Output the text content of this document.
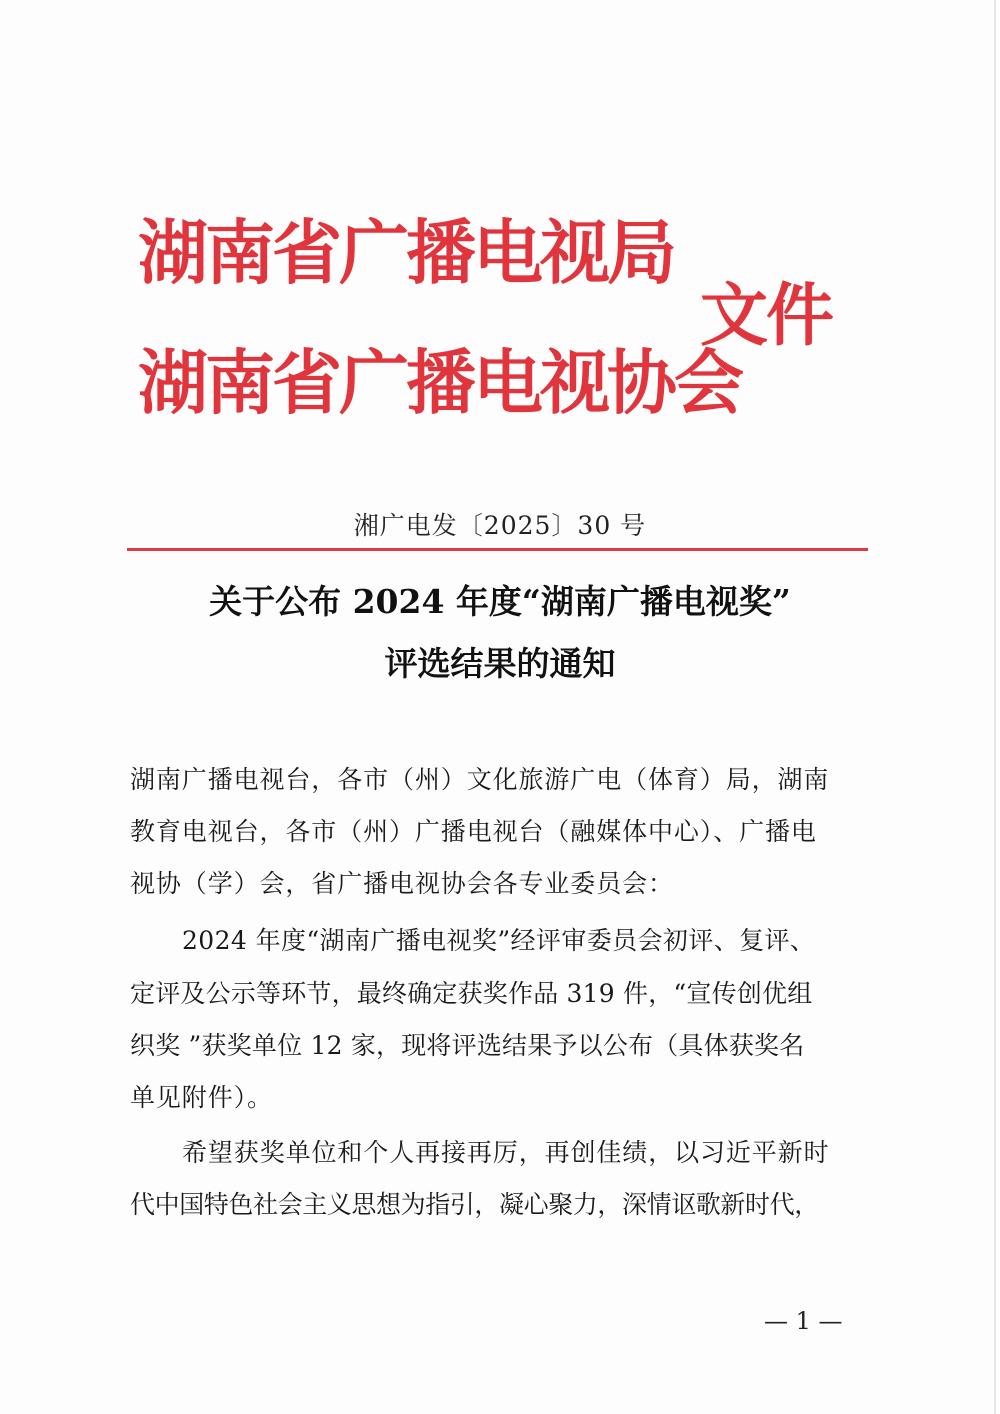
湖南省广播电视局
湖南省广播电视协会
文件
湘广电发〔2025〕30 号
关于公布 2024 年度“湖南广播电视奖”
评选结果的通知
湖南广播电视台，各市（州）文化旅游广电（体育）局，湖南
教育电视台，各市（州）广播电视台（融媒体中心）、广播电
视协（学）会，省广播电视协会各专业委员会：
2024 年度“湖南广播电视奖”经评审委员会初评、复评、
定评及公示等环节，最终确定获奖作品 319 件，“宣传创优组
织奖 ”获奖单位 12 家，现将评选结果予以公布（具体获奖名
单见附件）。
希望获奖单位和个人再接再厉，再创佳绩，以习近平新时
代中国特色社会主义思想为指引，凝心聚力，深情讴歌新时代，
— 1 —
